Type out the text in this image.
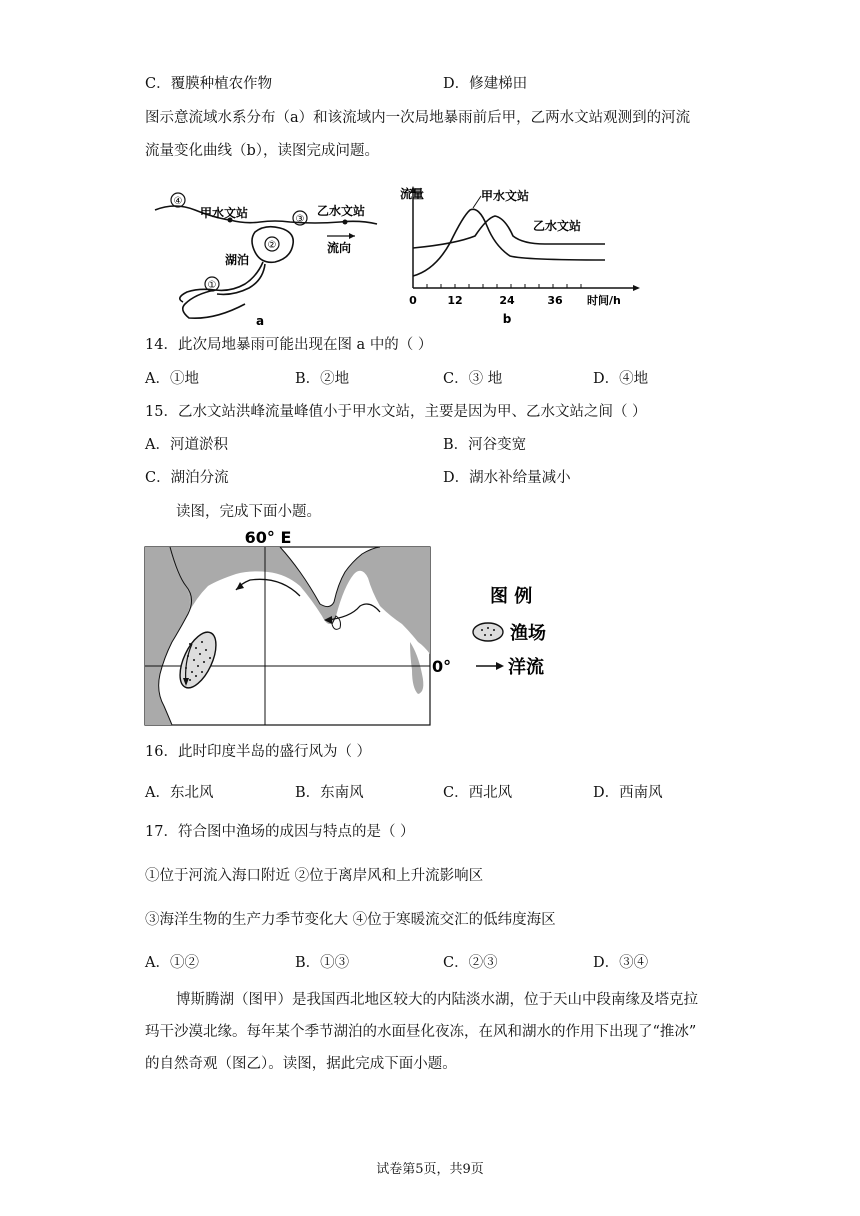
C．覆膜种植农作物	D．修建梯田
图示意流域水系分布（a）和该流域内一次局地暴雨前后甲，乙两水文站观测到的河流
流量变化曲线（b），读图完成问题。
④
甲水文站	③
乙水文站
②
湖泊
①
流向
a
流量	甲水文站
乙水文站
0	12	24	36 时间/h
b
14．此次局地暴雨可能出现在图 a 中的（ ）
A．①地	B．②地	C．③ 地	D．④地
15．乙水文站洪峰流量峰值小于甲水文站，主要是因为甲、乙水文站之间（ ）
A．河道淤积	B．河谷变宽
C．湖泊分流	D．湖水补给量减小
读图，完成下面小题。
60° E
0°
图 例
渔场
洋流
16．此时印度半岛的盛行风为（ ）
A．东北风	B．东南风	C．西北风	D．西南风
17．符合图中渔场的成因与特点的是（ ）
①位于河流入海口附近 ②位于离岸风和上升流影响区
③海洋生物的生产力季节变化大 ④位于寒暖流交汇的低纬度海区
A．①②	B．①③	C．②③	D．③④
博斯腾湖（图甲）是我国西北地区较大的内陆淡水湖，位于天山中段南缘及塔克拉
玛干沙漠北缘。每年某个季节湖泊的水面昼化夜冻，在风和湖水的作用下出现了“推冰”
的自然奇观（图乙）。读图，据此完成下面小题。
试卷第5页，共9页
